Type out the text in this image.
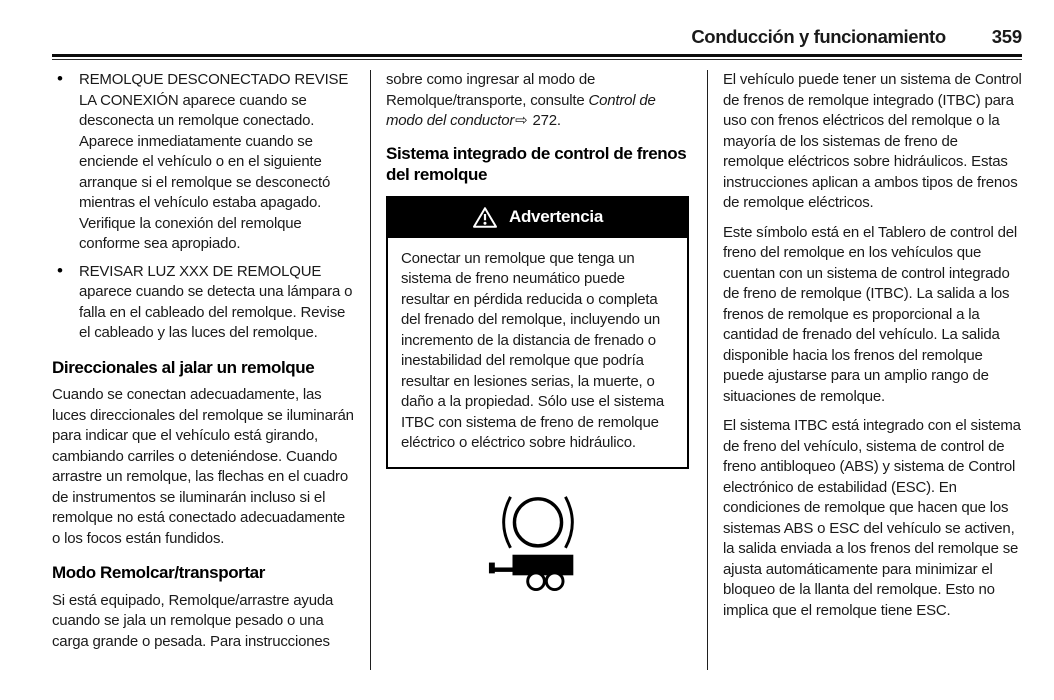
Conducción y funcionamiento 359
• REMOLQUE DESCONECTADO REVISE LA CONEXIÓN aparece cuando se desconecta un remolque conectado. Aparece inmediatamente cuando se enciende el vehículo o en el siguiente arranque si el remolque se desconectó mientras el vehículo estaba apagado. Verifique la conexión del remolque conforme sea apropiado.
• REVISAR LUZ XXX DE REMOLQUE aparece cuando se detecta una lámpara o falla en el cableado del remolque. Revise el cableado y las luces del remolque.
Direccionales al jalar un remolque

Cuando se conectan adecuadamente, las luces direccionales del remolque se iluminarán para indicar que el vehículo está girando, cambiando carriles o deteniéndose. Cuando arrastre un remolque, las flechas en el cuadro de instrumentos se iluminarán incluso si el remolque no está conectado adecuadamente o los focos están fundidos.

Modo Remolcar/transportar

Si está equipado, Remolque/arrastre ayuda cuando se jala un remolque pesado o una carga grande o pesada. Para instrucciones

sobre como ingresar al modo de Remolque/transporte, consulte Control de modo del conductor⇨ 272.

Sistema integrado de control de frenos del remolque
Advertencia

Conectar un remolque que tenga un sistema de freno neumático puede resultar en pérdida reducida o completa del frenado del remolque, incluyendo un incremento de la distancia de frenado o inestabilidad del remolque que podría resultar en lesiones serias, la muerte, o daño a la propiedad. Sólo use el sistema ITBC con sistema de freno de remolque eléctrico o eléctrico sobre hidráulico.

El vehículo puede tener un sistema de Control de frenos de remolque integrado (ITBC) para uso con frenos eléctricos del remolque o la mayoría de los sistemas de freno de remolque eléctricos sobre hidráulicos. Estas instrucciones aplican a ambos tipos de frenos de remolque eléctricos.

Este símbolo está en el Tablero de control del freno del remolque en los vehículos que cuentan con un sistema de control integrado de freno de remolque (ITBC). La salida a los frenos de remolque es proporcional a la cantidad de frenado del vehículo. La salida disponible hacia los frenos del remolque puede ajustarse para un amplio rango de situaciones de remolque.

El sistema ITBC está integrado con el sistema de freno del vehículo, sistema de control de freno antibloqueo (ABS) y sistema de Control electrónico de estabilidad (ESC). En condiciones de remolque que hacen que los sistemas ABS o ESC del vehículo se activen, la salida enviada a los frenos del remolque se ajusta automáticamente para minimizar el bloqueo de la llanta del remolque. Esto no implica que el remolque tiene ESC.
